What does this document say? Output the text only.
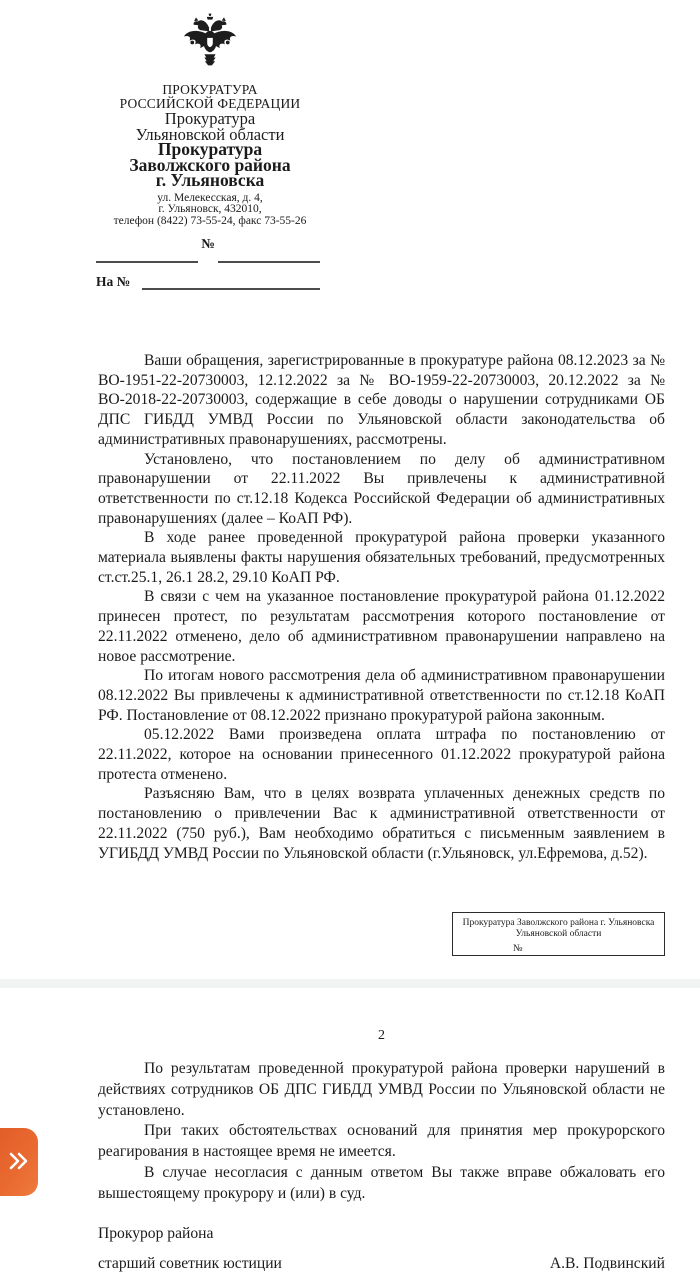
ПРОКУРАТУРА
РОССИЙСКОЙ ФЕДЕРАЦИИ
Прокуратура
Ульяновской области
Прокуратура
Заволжского района
г. Ульяновска
ул. Мелекесская, д. 4,
г. Ульяновск, 432010,
телефон (8422) 73-55-24, факс 73-55-26
№
На №

Ваши обращения, зарегистрированные в прокуратуре района 08.12.2023 за № ВО-1951-22-20730003, 12.12.2022 за № ВО-1959-22-20730003, 20.12.2022 за № ВО-2018-22-20730003, содержащие в себе доводы о нарушении сотрудниками ОБ ДПС ГИБДД УМВД России по Ульяновской области законодательства об административных правонарушениях, рассмотрены.

Установлено, что постановлением по делу об административном правонарушении от 22.11.2022 Вы привлечены к административной ответственности по ст.12.18 Кодекса Российской Федерации об административных правонарушениях (далее – КоАП РФ).

В ходе ранее проведенной прокуратурой района проверки указанного материала выявлены факты нарушения обязательных требований, предусмотренных ст.ст.25.1, 26.1 28.2, 29.10 КоАП РФ.

В связи с чем на указанное постановление прокуратурой района 01.12.2022 принесен протест, по результатам рассмотрения которого постановление от 22.11.2022 отменено, дело об административном правонарушении направлено на новое рассмотрение.

По итогам нового рассмотрения дела об административном правонарушении 08.12.2022 Вы привлечены к административной ответственности по ст.12.18 КоАП РФ. Постановление от 08.12.2022 признано прокуратурой района законным.

05.12.2022 Вами произведена оплата штрафа по постановлению от 22.11.2022, которое на основании принесенного 01.12.2022 прокуратурой района протеста отменено.

Разъясняю Вам, что в целях возврата уплаченных денежных средств по постановлению о привлечении Вас к административной ответственности от 22.11.2022 (750 руб.), Вам необходимо обратиться с письменным заявлением в УГИБДД УМВД России по Ульяновской области (г.Ульяновск, ул.Ефремова, д.52).

Прокуратура Заволжского района г. Ульяновска
Ульяновской области
№
2

По результатам проведенной прокуратурой района проверки нарушений в действиях сотрудников ОБ ДПС ГИБДД УМВД России по Ульяновской области не установлено.

При таких обстоятельствах оснований для принятия мер прокурорского реагирования в настоящее время не имеется.

В случае несогласия с данным ответом Вы также вправе обжаловать его вышестоящему прокурору и (или) в суд.

Прокурор района
старший советник юстиции	А.В. Подвинский
